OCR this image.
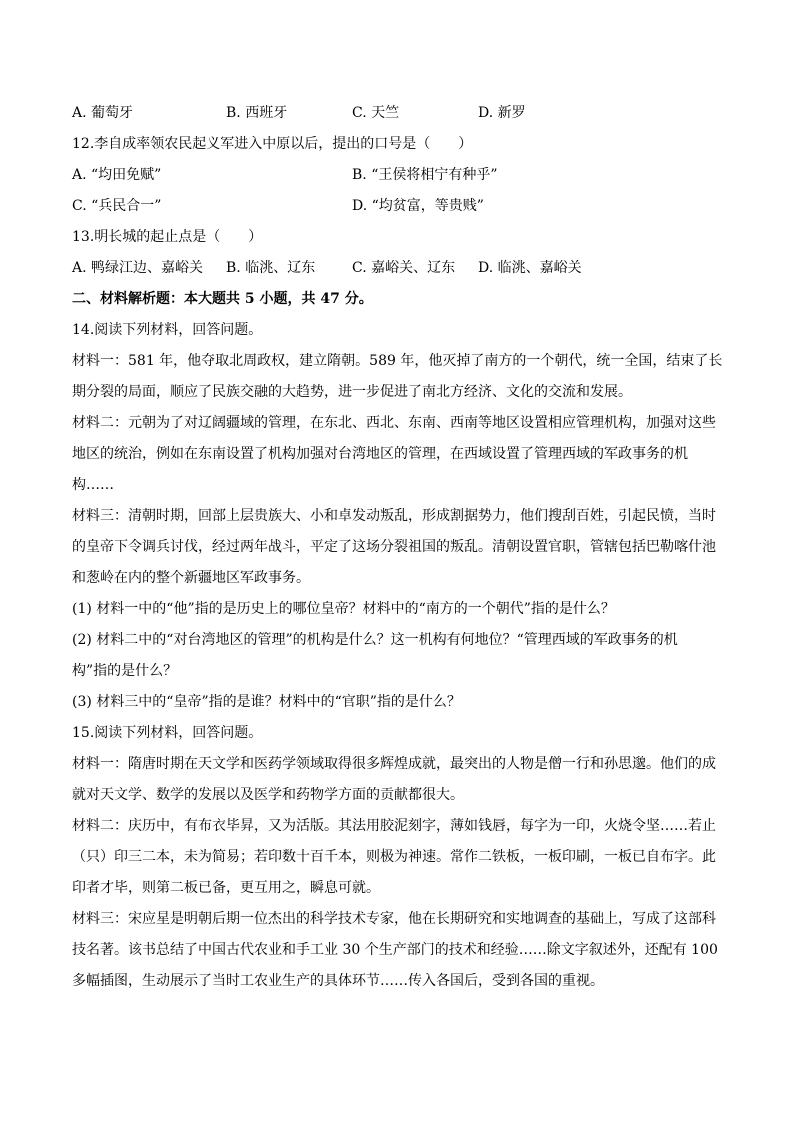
A. 葡萄牙	B. 西班牙	C. 天竺	D. 新罗
12.李自成率领农民起义军进入中原以后，提出的口号是（　　）
A. “均田免赋”	B. “王侯将相宁有种乎”
C. “兵民合一”	D. “均贫富，等贵贱”
13.明长城的起止点是（　　）
A. 鸭绿江边、嘉峪关 B. 临洮、辽东	C. 嘉峪关、辽东 D. 临洮、嘉峪关
二、材料解析题：本大题共 5 小题，共 47 分。
14.阅读下列材料，回答问题。
材料一：581 年，他夺取北周政权，建立隋朝。589 年，他灭掉了南方的一个朝代，统一全国，结束了长
期分裂的局面，顺应了民族交融的大趋势，进一步促进了南北方经济、文化的交流和发展。
材料二：元朝为了对辽阔疆域的管理，在东北、西北、东南、西南等地区设置相应管理机构，加强对这些
地区的统治，例如在东南设置了机构加强对台湾地区的管理，在西域设置了管理西域的军政事务的机
构……
材料三：清朝时期，回部上层贵族大、小和卓发动叛乱，形成割据势力，他们搜刮百姓，引起民愤，当时
的皇帝下令调兵讨伐，经过两年战斗，平定了这场分裂祖国的叛乱。清朝设置官职，管辖包括巴勒喀什池
和葱岭在内的整个新疆地区军政事务。
(1) 材料一中的“他”指的是历史上的哪位皇帝？材料中的“南方的一个朝代”指的是什么？
(2) 材料二中的“对台湾地区的管理”的机构是什么？这一机构有何地位？“管理西域的军政事务的机
构”指的是什么？
(3) 材料三中的“皇帝”指的是谁？材料中的“官职”指的是什么？
15.阅读下列材料，回答问题。
材料一：隋唐时期在天文学和医药学领域取得很多辉煌成就，最突出的人物是僧一行和孙思邈。他们的成
就对天文学、数学的发展以及医学和药物学方面的贡献都很大。
材料二：庆历中，有布衣毕昇，又为活版。其法用胶泥刻字，薄如钱唇，每字为一印，火烧令坚……若止
（只）印三二本，未为简易；若印数十百千本，则极为神速。常作二铁板，一板印刷，一板已自布字。此
印者才毕，则第二板已备，更互用之，瞬息可就。
材料三：宋应星是明朝后期一位杰出的科学技术专家，他在长期研究和实地调查的基础上，写成了这部科
技名著。该书总结了中国古代农业和手工业 30 个生产部门的技术和经验……除文字叙述外，还配有 100
多幅插图，生动展示了当时工农业生产的具体环节……传入各国后，受到各国的重视。
